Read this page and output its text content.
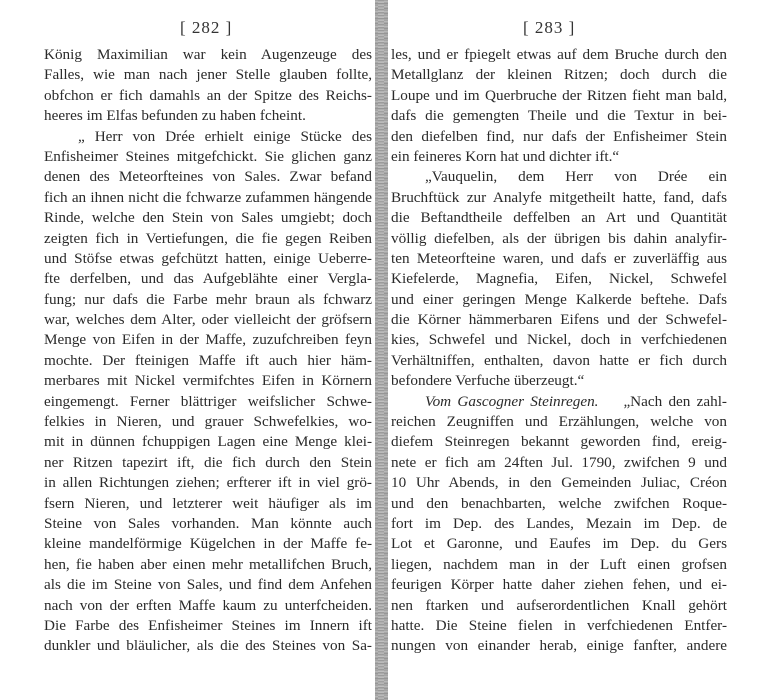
[ 282 ]
König Maximilian war kein Augenzeuge des
Falles, wie man nach jener Stelle glauben follte,
obfchon er fich damahls an der Spitze des Reichs-
heeres im Elfas befunden zu haben fcheint.
„ Herr von Drée erhielt einige Stücke des
Enfisheimer Steines mitgefchickt. Sie glichen ganz
denen des Meteorfteines von Sales. Zwar befand
fich an ihnen nicht die fchwarze zufammen hängende
Rinde, welche den Stein von Sales umgiebt; doch
zeigten fich in Vertiefungen, die fie gegen Reiben
und Stöfse etwas gefchützt hatten, einige Ueberre-
fte derfelben, und das Aufgeblähte einer Vergla-
fung; nur dafs die Farbe mehr braun als fchwarz
war, welches dem Alter, oder vielleicht der gröfsern
Menge von Eifen in der Maffe, zuzufchreiben feyn
mochte. Der fteinigen Maffe ift auch hier häm-
merbares mit Nickel vermifchtes Eifen in Körnern
eingemengt. Ferner blättriger weifslicher Schwe-
felkies in Nieren, und grauer Schwefelkies, wo-
mit in dünnen fchuppigen Lagen eine Menge klei-
ner Ritzen tapezirt ift, die fich durch den Stein
in allen Richtungen ziehen; erfterer ift in viel grö-
fsern Nieren, und letzterer weit häufiger als im
Steine von Sales vorhanden. Man könnte auch
kleine mandelförmige Kügelchen in der Maffe fe-
hen, fie haben aber einen mehr metallifchen Bruch,
als die im Steine von Sales, und find dem Anfehen
nach von der erften Maffe kaum zu unterfcheiden.
Die Farbe des Enfisheimer Steines im Innern ift
dunkler und bläulicher, als die des Steines von Sa-
[ 283 ]
les, und er fpiegelt etwas auf dem Bruche durch den
Metallglanz der kleinen Ritzen; doch durch die
Loupe und im Querbruche der Ritzen fieht man bald,
dafs die gemengten Theile und die Textur in bei-
den diefelben find, nur dafs der Enfisheimer Stein
ein feineres Korn hat und dichter ift.“
„Vauquelin, dem Herr von Drée ein
Bruchftück zur Analyfe mitgetheilt hatte, fand, dafs
die Beftandtheile deffelben an Art und Quantität
völlig diefelben, als der übrigen bis dahin analyfir-
ten Meteorfteine waren, und dafs er zuverläffig aus
Kiefelerde, Magnefia, Eifen, Nickel, Schwefel
und einer geringen Menge Kalkerde beftehe. Dafs
die Körner hämmerbaren Eifens und der Schwefel-
kies, Schwefel und Nickel, doch in verfchiedenen
Verhältniffen, enthalten, davon hatte er fich durch
befondere Verfuche überzeugt.“
Vom Gascogner Steinregen. „Nach den zahl-
reichen Zeugniffen und Erzählungen, welche von
diefem Steinregen bekannt geworden find, ereig-
nete er fich am 24ften Jul. 1790, zwifchen 9 und
10 Uhr Abends, in den Gemeinden Juliac, Créon
und den benachbarten, welche zwifchen Roque-
fort im Dep. des Landes, Mezain im Dep. de
Lot et Garonne, und Eaufes im Dep. du Gers
liegen, nachdem man in der Luft einen grofsen
feurigen Körper hatte daher ziehen fehen, und ei-
nen ftarken und aufserordentlichen Knall gehört
hatte. Die Steine fielen in verfchiedenen Entfer-
nungen von einander herab, einige fanfter, andere
